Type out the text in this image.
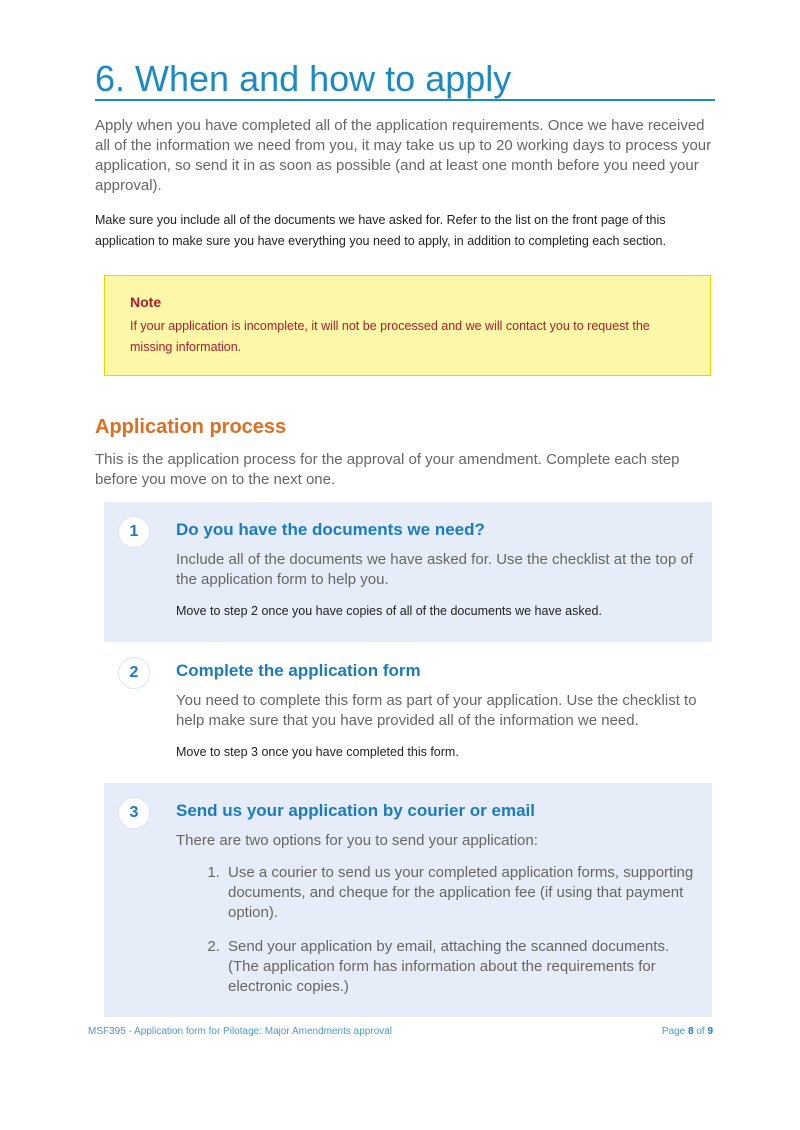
6. When and how to apply
Apply when you have completed all of the application requirements. Once we have received all of the information we need from you, it may take us up to 20 working days to process your application, so send it in as soon as possible (and at least one month before you need your approval).
Make sure you include all of the documents we have asked for. Refer to the list on the front page of this application to make sure you have everything you need to apply, in addition to completing each section.
Note
If your application is incomplete, it will not be processed and we will contact you to request the missing information.
Application process
This is the application process for the approval of your amendment. Complete each step before you move on to the next one.
1	Do you have the documents we need?
Include all of the documents we have asked for. Use the checklist at the top of the application form to help you.
Move to step 2 once you have copies of all of the documents we have asked.
2	Complete the application form
You need to complete this form as part of your application. Use the checklist to help make sure that you have provided all of the information we need.
Move to step 3 once you have completed this form.
3	Send us your application by courier or email
There are two options for you to send your application:
1. Use a courier to send us your completed application forms, supporting documents, and cheque for the application fee (if using that payment option).
2. Send your application by email, attaching the scanned documents. (The application form has information about the requirements for electronic copies.)
MSF395 - Application form for Pilotage: Major Amendments approval	Page 8 of 9
